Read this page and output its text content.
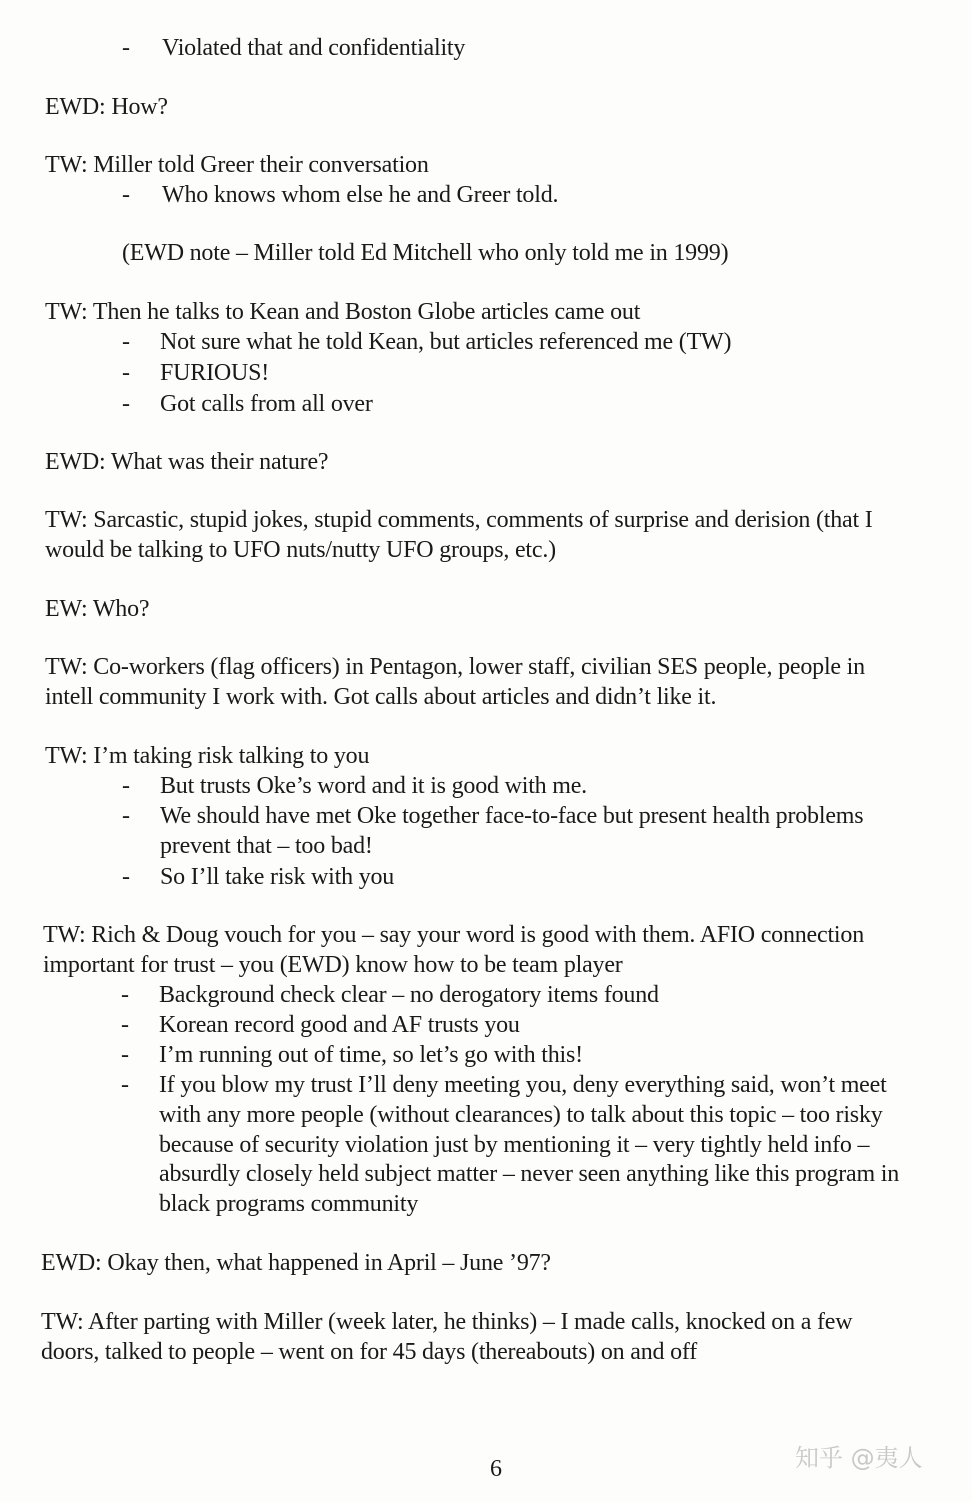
- Violated that and confidentiality
EWD: How?
TW: Miller told Greer their conversation
- Who knows whom else he and Greer told.
(EWD note – Miller told Ed Mitchell who only told me in 1999)
TW: Then he talks to Kean and Boston Globe articles came out
- Not sure what he told Kean, but articles referenced me (TW)
- FURIOUS!
- Got calls from all over
EWD: What was their nature?
TW: Sarcastic, stupid jokes, stupid comments, comments of surprise and derision (that I
would be talking to UFO nuts/nutty UFO groups, etc.)
EW: Who?
TW: Co-workers (flag officers) in Pentagon, lower staff, civilian SES people, people in
intell community I work with. Got calls about articles and didn’t like it.
TW: I’m taking risk talking to you
- But trusts Oke’s word and it is good with me.
- We should have met Oke together face-to-face but present health problems
prevent that – too bad!
- So I’ll take risk with you
TW: Rich & Doug vouch for you – say your word is good with them. AFIO connection
important for trust – you (EWD) know how to be team player
- Background check clear – no derogatory items found
- Korean record good and AF trusts you
- I’m running out of time, so let’s go with this!
- If you blow my trust I’ll deny meeting you, deny everything said, won’t meet
with any more people (without clearances) to talk about this topic – too risky
because of security violation just by mentioning it – very tightly held info –
absurdly closely held subject matter – never seen anything like this program in
black programs community
EWD: Okay then, what happened in April – June ’97?
TW: After parting with Miller (week later, he thinks) – I made calls, knocked on a few
doors, talked to people – went on for 45 days (thereabouts) on and off
6	知乎 @夷人
